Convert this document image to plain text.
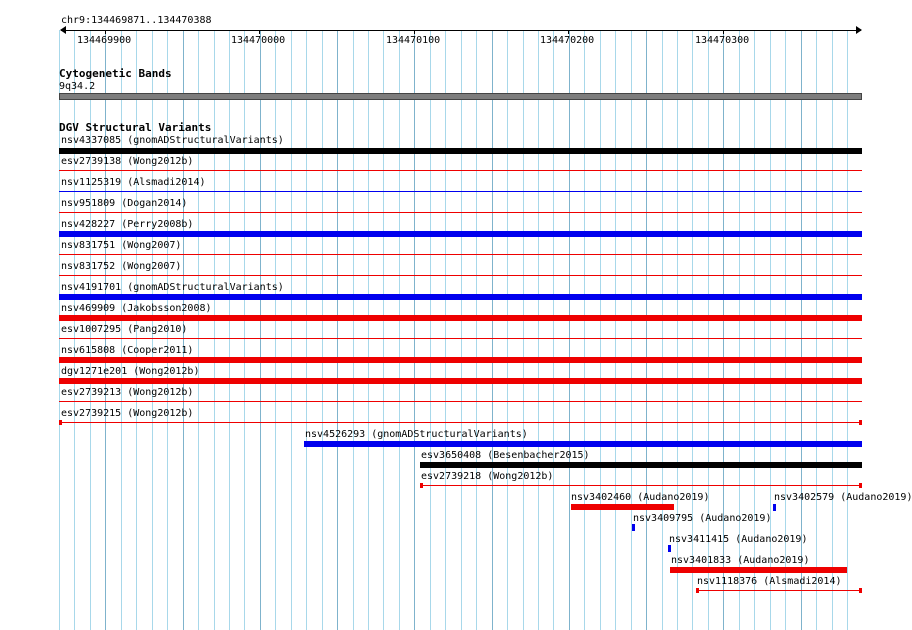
chr9:134469871..134470388
134469900	134470000	134470100	134470200	134470300
Cytogenetic Bands
9q34.2
DGV Structural Variants
nsv4337085 (gnomADStructuralVariants)
esv2739138 (Wong2012b)
nsv1125319 (Alsmadi2014)
nsv951809 (Dogan2014)
nsv428227 (Perry2008b)
nsv831751 (Wong2007)
nsv831752 (Wong2007)
nsv4191701 (gnomADStructuralVariants)
nsv469909 (Jakobsson2008)
esv1007295 (Pang2010)
nsv615808 (Cooper2011)
dgv1271e201 (Wong2012b)
esv2739213 (Wong2012b)
esv2739215 (Wong2012b)
nsv4526293 (gnomADStructuralVariants)
esv3650408 (Besenbacher2015)
esv2739218 (Wong2012b)
nsv3402460 (Audano2019)	nsv3402579 (Audano2019)
nsv3409795 (Audano2019)
nsv3411415 (Audano2019)
nsv3401833 (Audano2019)
nsv1118376 (Alsmadi2014)
